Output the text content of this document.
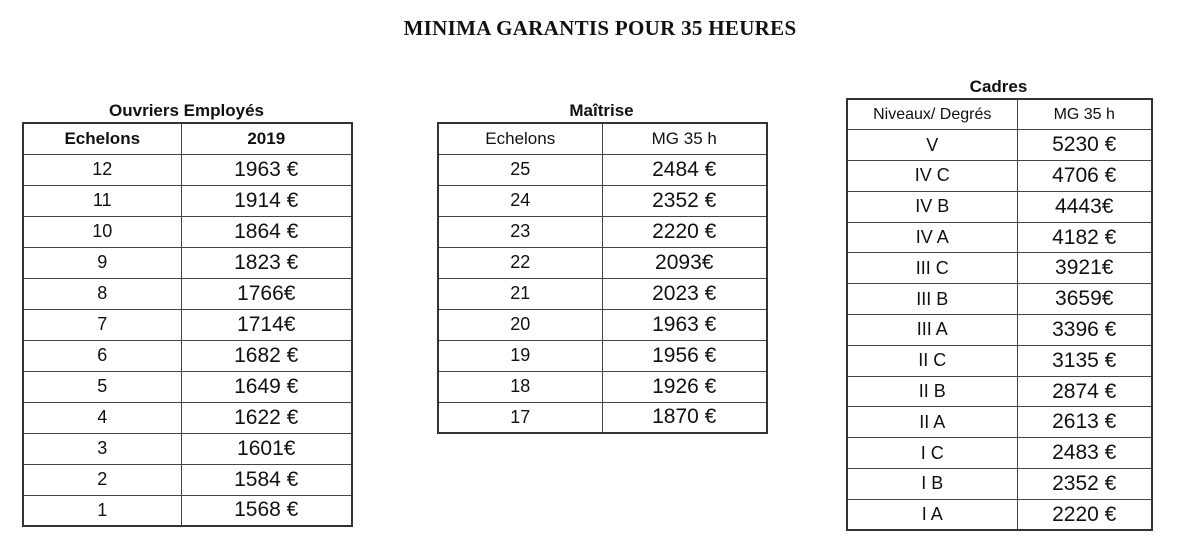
MINIMA GARANTIS POUR 35 HEURES
Ouvriers Employés
Echelons	2019
12	1963 €
11	1914 €
10	1864 €
9	1823 €
8	1766€
7	1714€
6	1682 €
5	1649 €
4	1622 €
3	1601€
2	1584 €
1	1568 €
Maîtrise
Echelons	MG 35 h
25	2484 €
24	2352 €
23	2220 €
22	2093€
21	2023 €
20	1963 €
19	1956 €
18	1926 €
17	1870 €
Cadres
Niveaux/ Degrés	MG 35 h
V	5230 €
IV C	4706 €
IV B	4443€
IV A	4182 €
III C	3921€
III B	3659€
III A	3396 €
II C	3135 €
II B	2874 €
II A	2613 €
I C	2483 €
I B	2352 €
I A	2220 €
